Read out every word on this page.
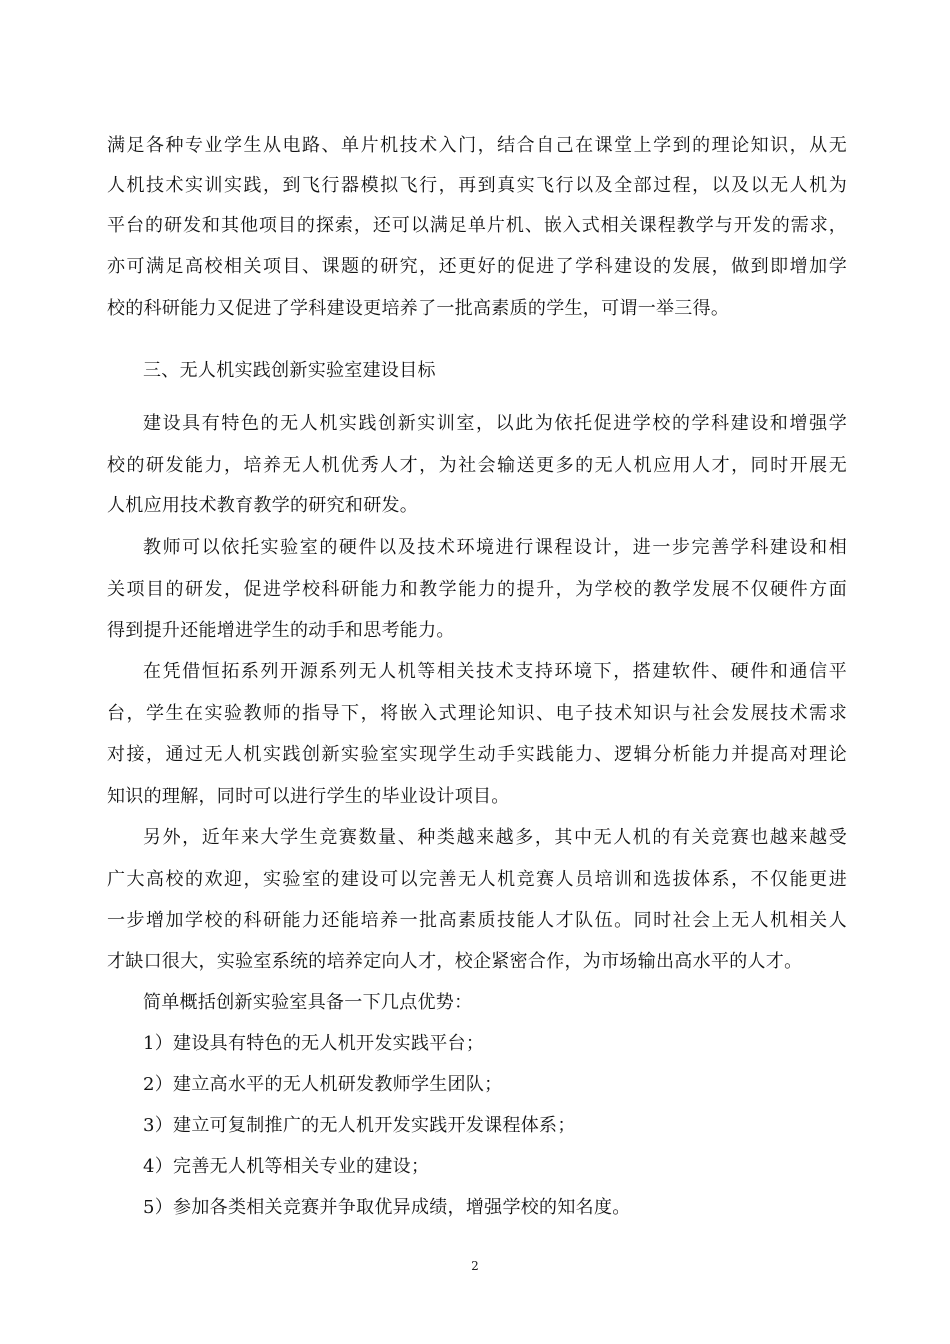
满足各种专业学生从电路、单片机技术入门，结合自己在课堂上学到的理论知识，从无
人机技术实训实践，到飞行器模拟飞行，再到真实飞行以及全部过程，以及以无人机为
平台的研发和其他项目的探索，还可以满足单片机、嵌入式相关课程教学与开发的需求，
亦可满足高校相关项目、课题的研究，还更好的促进了学科建设的发展，做到即增加学
校的科研能力又促进了学科建设更培养了一批高素质的学生，可谓一举三得。
三、无人机实践创新实验室建设目标
建设具有特色的无人机实践创新实训室，以此为依托促进学校的学科建设和增强学
校的研发能力，培养无人机优秀人才，为社会输送更多的无人机应用人才，同时开展无
人机应用技术教育教学的研究和研发。
教师可以依托实验室的硬件以及技术环境进行课程设计，进一步完善学科建设和相
关项目的研发，促进学校科研能力和教学能力的提升，为学校的教学发展不仅硬件方面
得到提升还能增进学生的动手和思考能力。
在凭借恒拓系列开源系列无人机等相关技术支持环境下，搭建软件、硬件和通信平
台，学生在实验教师的指导下，将嵌入式理论知识、电子技术知识与社会发展技术需求
对接，通过无人机实践创新实验室实现学生动手实践能力、逻辑分析能力并提高对理论
知识的理解，同时可以进行学生的毕业设计项目。
另外，近年来大学生竞赛数量、种类越来越多，其中无人机的有关竞赛也越来越受
广大高校的欢迎，实验室的建设可以完善无人机竞赛人员培训和选拔体系，不仅能更进
一步增加学校的科研能力还能培养一批高素质技能人才队伍。同时社会上无人机相关人
才缺口很大，实验室系统的培养定向人才，校企紧密合作，为市场输出高水平的人才。
简单概括创新实验室具备一下几点优势：
1）建设具有特色的无人机开发实践平台；
2）建立高水平的无人机研发教师学生团队；
3）建立可复制推广的无人机开发实践开发课程体系；
4）完善无人机等相关专业的建设；
5）参加各类相关竞赛并争取优异成绩，增强学校的知名度。
2
